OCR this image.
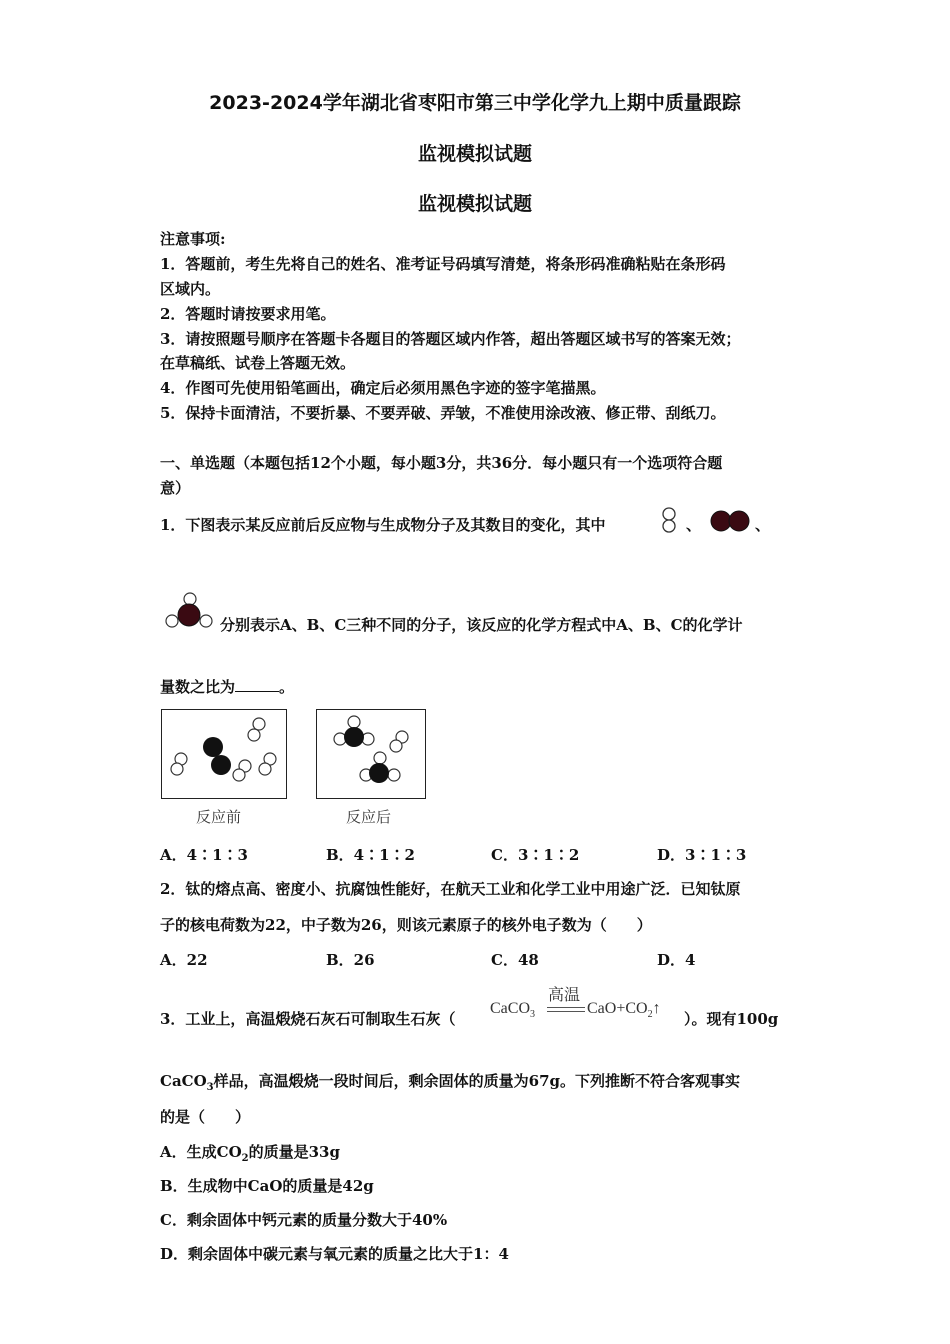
2023-2024学年湖北省枣阳市第三中学化学九上期中质量跟踪
监视模拟试题
监视模拟试题
注意事项:
1．答题前，考生先将自己的姓名、准考证号码填写清楚，将条形码准确粘贴在条形码
区域内。
2．答题时请按要求用笔。
3．请按照题号顺序在答题卡各题目的答题区域内作答，超出答题区域书写的答案无效；
在草稿纸、试卷上答题无效。
4．作图可先使用铅笔画出，确定后必须用黑色字迹的签字笔描黑。
5．保持卡面清洁，不要折暴、不要弄破、弄皱，不准使用涂改液、修正带、刮纸刀。
一、单选题（本题包括12个小题，每小题3分，共36分．每小题只有一个选项符合题
意）
1．下图表示某反应前后反应物与生成物分子及其数目的变化，其中	、	、
分别表示A、B、C三种不同的分子，该反应的化学方程式中A、B、C的化学计
量数之比为	。
反应前	反应后
A．4∶1∶3	B．4∶1∶2	C．3∶1∶2	D．3∶1∶3
2．钛的熔点高、密度小、抗腐蚀性能好，在航天工业和化学工业中用途广泛．已知钛原
子的核电荷数为22，中子数为26，则该元素原子的核外电子数为（　　）
A．22	B．26	C．48	D．4
3．工业上，高温煅烧石灰石可制取生石灰（
CaCO$_3$
高温
$CaO+CO_2↑$
）。现有100g
CaCO$_3$样品，高温煅烧一段时间后，剩余固体的质量为67g。下列推断不符合客观事实
的是（　　）
A．生成$CO_2$的质量是33g
B．生成物中CaO的质量是42g
C．剩余固体中钙元素的质量分数大于40%
D．剩余固体中碳元素与氧元素的质量之比大于1：4
